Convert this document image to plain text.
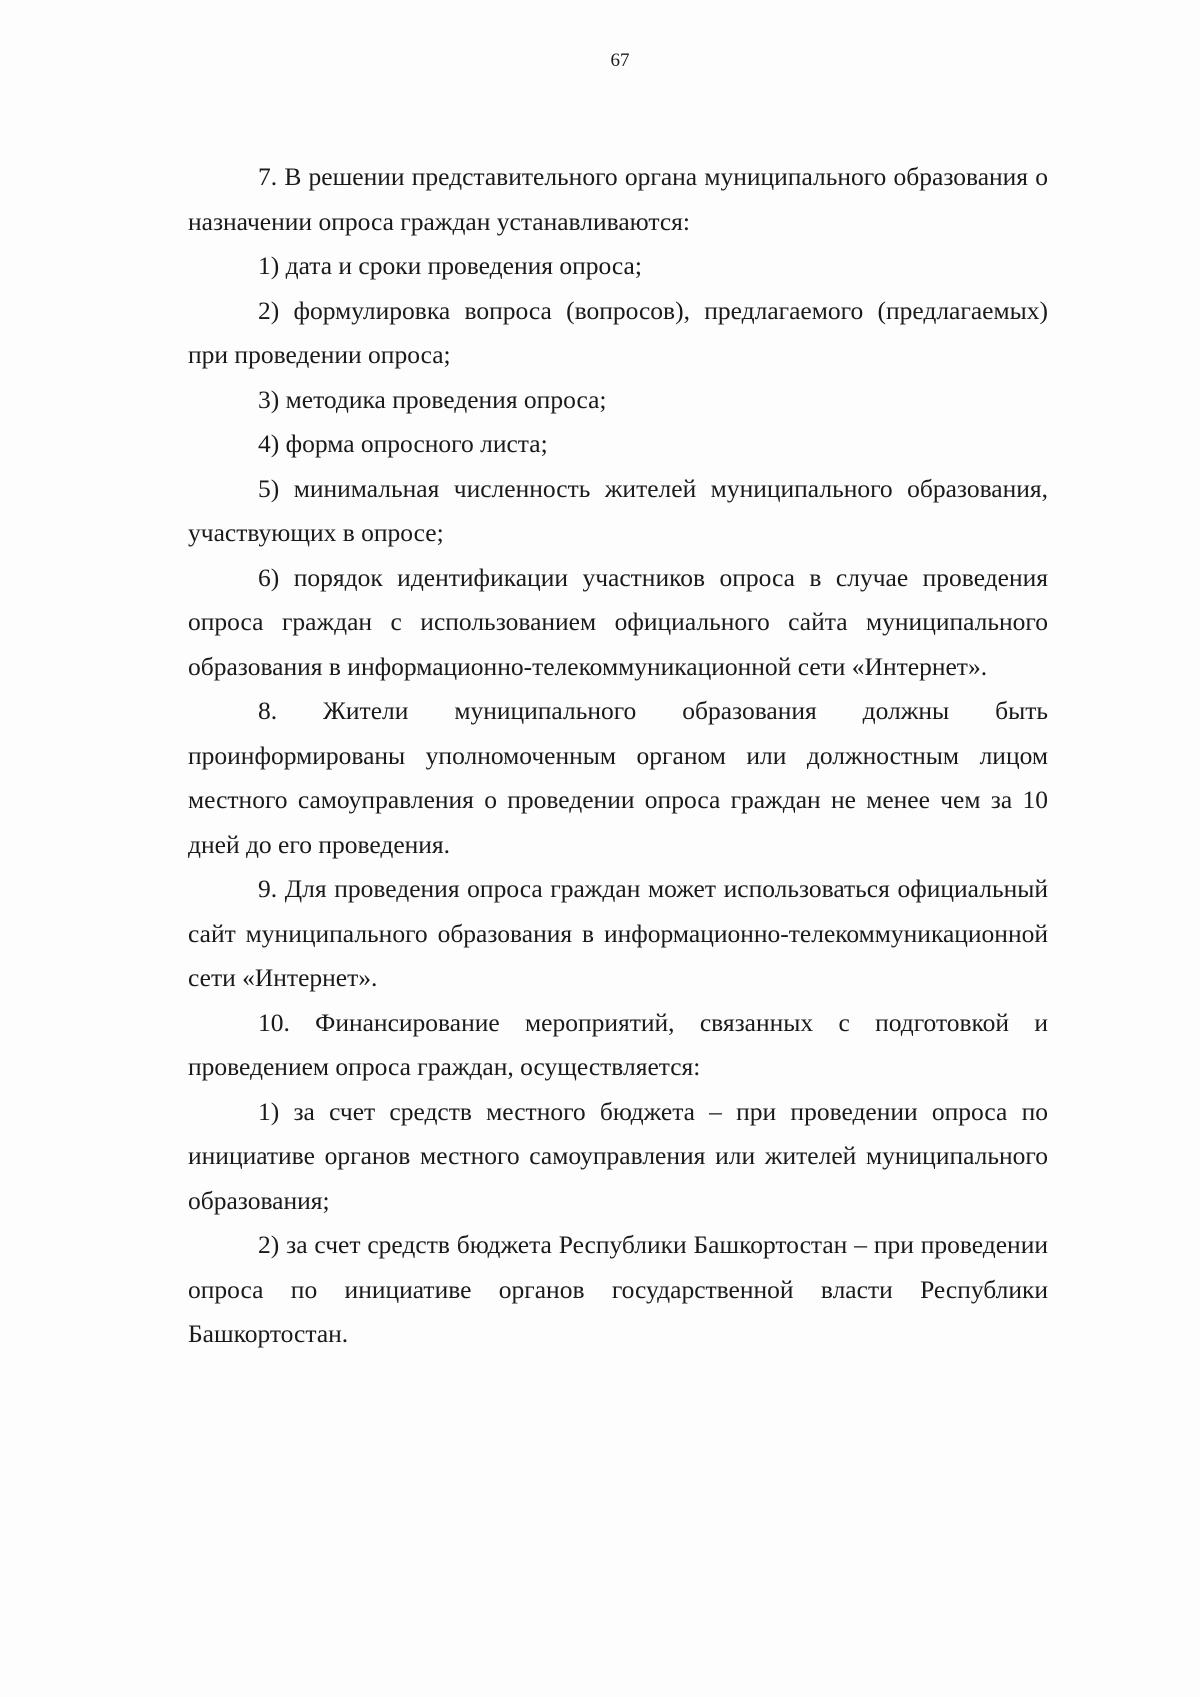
67

7. В решении представительного органа муниципального образования о назначении опроса граждан устанавливаются:

1) дата и сроки проведения опроса;

2) формулировка вопроса (вопросов), предлагаемого (предлагаемых) при проведении опроса;

3) методика проведения опроса;

4) форма опросного листа;

5) минимальная численность жителей муниципального образования, участвующих в опросе;

6) порядок идентификации участников опроса в случае проведения опроса граждан с использованием официального сайта муниципального образования в информационно-телекоммуникационной сети «Интернет».

8. Жители муниципального образования должны быть проинформированы уполномоченным органом или должностным лицом местного самоуправления о проведении опроса граждан не менее чем за 10 дней до его проведения.

9. Для проведения опроса граждан может использоваться официальный сайт муниципального образования в информационно-телекоммуникационной сети «Интернет».

10. Финансирование мероприятий, связанных с подготовкой и проведением опроса граждан, осуществляется:

1) за счет средств местного бюджета – при проведении опроса по инициативе органов местного самоуправления или жителей муниципального образования;

2) за счет средств бюджета Республики Башкортостан – при проведении опроса по инициативе органов государственной власти Республики Башкортостан.
